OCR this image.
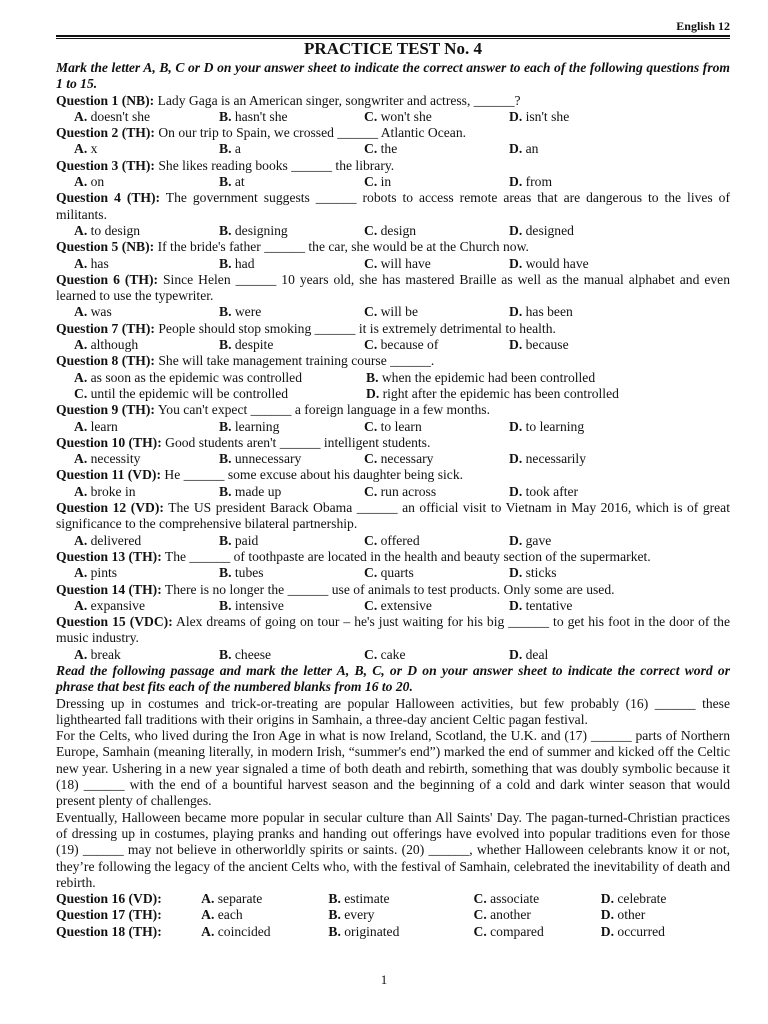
English 12
PRACTICE TEST No. 4
Mark the letter A, B, C or D on your answer sheet to indicate the correct answer to each of the following questions from 1 to 15.
Question 1 (NB): Lady Gaga is an American singer, songwriter and actress, ______?
A. doesn't she	B. hasn't she	C. won't she	D. isn't she
Question 2 (TH): On our trip to Spain, we crossed ______ Atlantic Ocean.
A. x	B. a	C. the	D. an
Question 3 (TH): She likes reading books ______ the library.
A. on	B. at	C. in	D. from
Question 4 (TH): The government suggests ______ robots to access remote areas that are dangerous to the lives of militants.
A. to design	B. designing	C. design	D. designed
Question 5 (NB): If the bride's father ______ the car, she would be at the Church now.
A. has	B. had	C. will have	D. would have
Question 6 (TH): Since Helen ______ 10 years old, she has mastered Braille as well as the manual alphabet and even learned to use the typewriter.
A. was	B. were	C. will be	D. has been
Question 7 (TH): People should stop smoking ______ it is extremely detrimental to health.
A. although	B. despite	C. because of	D. because
Question 8 (TH): She will take management training course ______.
A. as soon as the epidemic was controlled	B. when the epidemic had been controlled
C. until the epidemic will be controlled	D. right after the epidemic has been controlled
Question 9 (TH): You can't expect ______ a foreign language in a few months.
A. learn	B. learning	C. to learn	D. to learning
Question 10 (TH): Good students aren't ______ intelligent students.
A. necessity	B. unnecessary	C. necessary	D. necessarily
Question 11 (VD): He ______ some excuse about his daughter being sick.
A. broke in	B. made up	C. run across	D. took after
Question 12 (VD): The US president Barack Obama ______ an official visit to Vietnam in May 2016, which is of great significance to the comprehensive bilateral partnership.
A. delivered	B. paid	C. offered	D. gave
Question 13 (TH): The ______ of toothpaste are located in the health and beauty section of the supermarket.
A. pints	B. tubes	C. quarts	D. sticks
Question 14 (TH): There is no longer the ______ use of animals to test products. Only some are used.
A. expansive	B. intensive	C. extensive	D. tentative
Question 15 (VDC): Alex dreams of going on tour – he's just waiting for his big ______ to get his foot in the door of the music industry.
A. break	B. cheese	C. cake	D. deal
Read the following passage and mark the letter A, B, C, or D on your answer sheet to indicate the correct word or phrase that best fits each of the numbered blanks from 16 to 20.
Dressing up in costumes and trick-or-treating are popular Halloween activities, but few probably (16) ______ these lighthearted fall traditions with their origins in Samhain, a three-day ancient Celtic pagan festival.
For the Celts, who lived during the Iron Age in what is now Ireland, Scotland, the U.K. and (17) ______ parts of Northern Europe, Samhain (meaning literally, in modern Irish, “summer's end”) marked the end of summer and kicked off the Celtic new year. Ushering in a new year signaled a time of both death and rebirth, something that was doubly symbolic because it (18) ______ with the end of a bountiful harvest season and the beginning of a cold and dark winter season that would present plenty of challenges.
Eventually, Halloween became more popular in secular culture than All Saints' Day. The pagan-turned-Christian practices of dressing up in costumes, playing pranks and handing out offerings have evolved into popular traditions even for those (19) ______ may not believe in otherworldly spirits or saints. (20) ______, whether Halloween celebrants know it or not, they’re following the legacy of the ancient Celts who, with the festival of Samhain, celebrated the inevitability of death and rebirth.
Question 16 (VD):	A. separate	B. estimate	C. associate	D. celebrate
Question 17 (TH):	A. each	B. every	C. another	D. other
Question 18 (TH):	A. coincided	B. originated	C. compared	D. occurred
1
